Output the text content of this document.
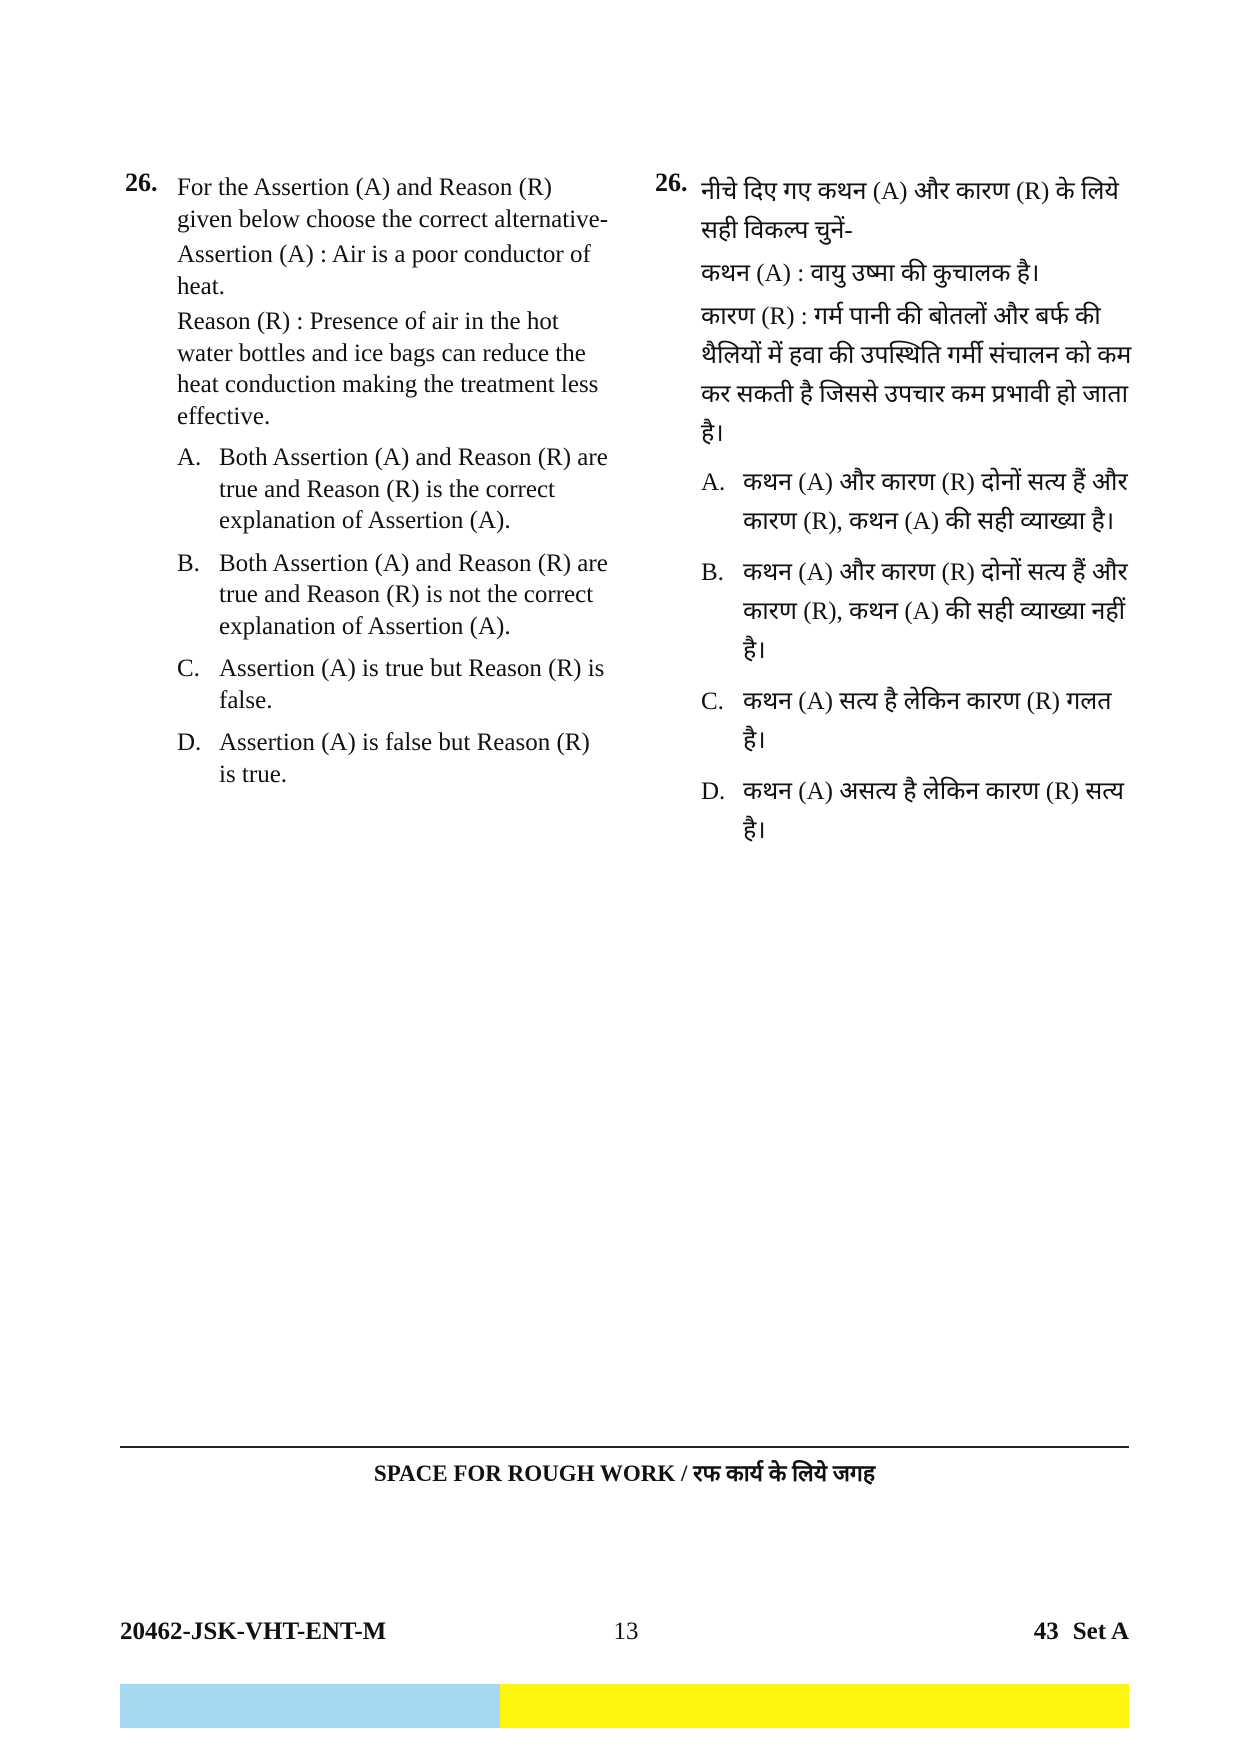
26. For the Assertion (A) and Reason (R) given below choose the correct alternative-

Assertion (A) : Air is a poor conductor of heat.

Reason (R) : Presence of air in the hot water bottles and ice bags can reduce the heat conduction making the treatment less effective.

A. Both Assertion (A) and Reason (R) are true and Reason (R) is the correct explanation of Assertion (A).
B. Both Assertion (A) and Reason (R) are true and Reason (R) is not the correct explanation of Assertion (A).
C. Assertion (A) is true but Reason (R) is false.
D. Assertion (A) is false but Reason (R) is true.
26. नीचे दिए गए कथन (A) और कारण (R) के लिये सही विकल्प चुनें-

कथन (A) : वायु उष्मा की कुचालक है।

कारण (R) : गर्म पानी की बोतलों और बर्फ की थैलियों में हवा की उपस्थिति गर्मी संचालन को कम कर सकती है जिससे उपचार कम प्रभावी हो जाता है।

A. कथन (A) और कारण (R) दोनों सत्य हैं और कारण (R), कथन (A) की सही व्याख्या है।
B. कथन (A) और कारण (R) दोनों सत्य हैं और कारण (R), कथन (A) की सही व्याख्या नहीं है।
C. कथन (A) सत्य है लेकिन कारण (R) गलत है।
D. कथन (A) असत्य है लेकिन कारण (R) सत्य है।
SPACE FOR ROUGH WORK / रफ कार्य के लिये जगह
20462-JSK-VHT-ENT-M	13	43 Set A
